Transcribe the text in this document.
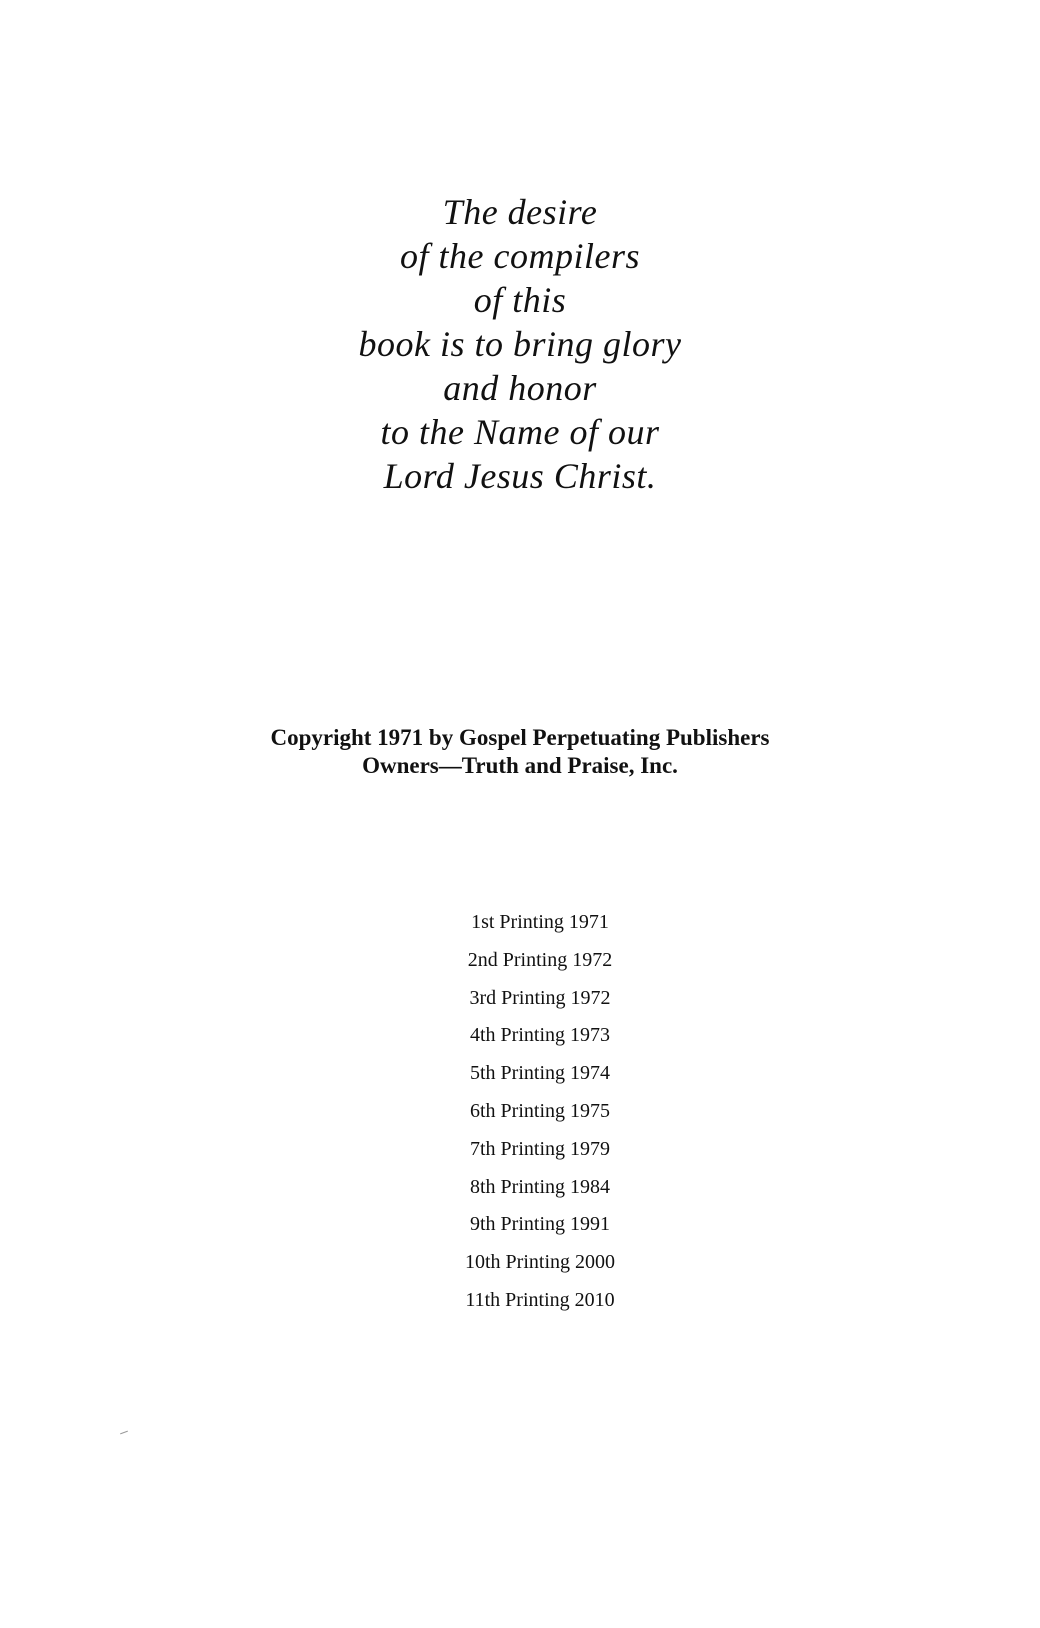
The desire
of the compilers
of this
book is to bring glory
and honor
to the Name of our
Lord Jesus Christ.
Copyright 1971 by Gospel Perpetuating Publishers
Owners—Truth and Praise, Inc.
1st Printing 1971
2nd Printing 1972
3rd Printing 1972
4th Printing 1973
5th Printing 1974
6th Printing 1975
7th Printing 1979
8th Printing 1984
9th Printing 1991
10th Printing 2000
11th Printing 2010
